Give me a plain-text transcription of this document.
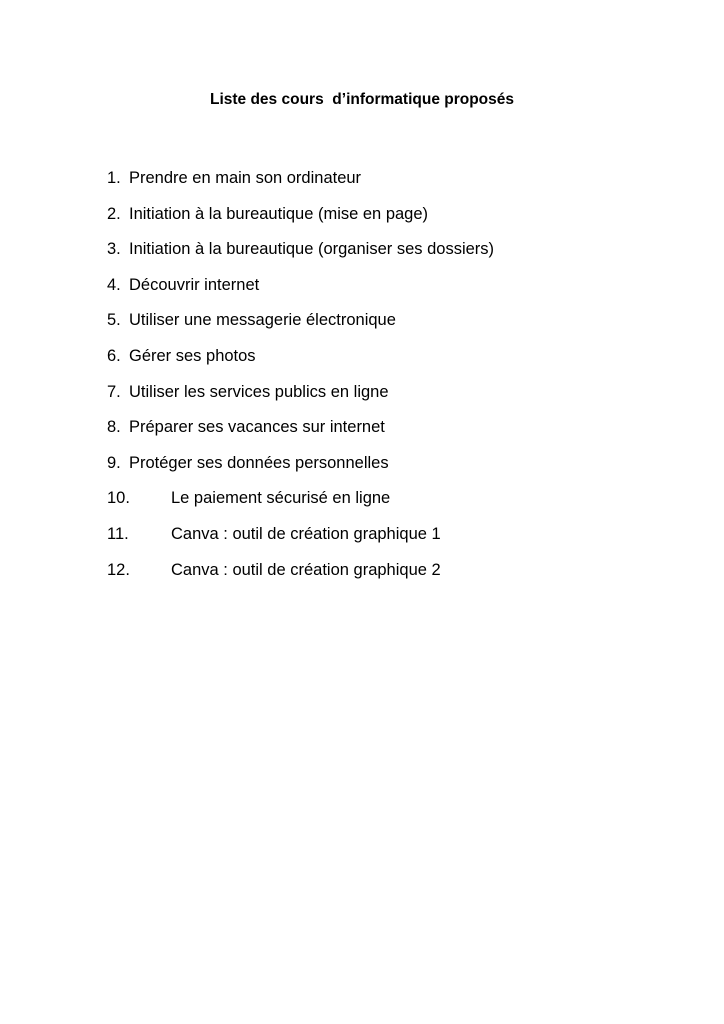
Liste des cours  d’informatique proposés
1. Prendre en main son ordinateur
2. Initiation à la bureautique (mise en page)
3. Initiation à la bureautique (organiser ses dossiers)
4. Découvrir internet
5. Utiliser une messagerie électronique
6. Gérer ses photos
7. Utiliser les services publics en ligne
8. Préparer ses vacances sur internet
9. Protéger ses données personnelles
10. Le paiement sécurisé en ligne
11.	Canva : outil de création graphique 1
12. Canva : outil de création graphique 2
